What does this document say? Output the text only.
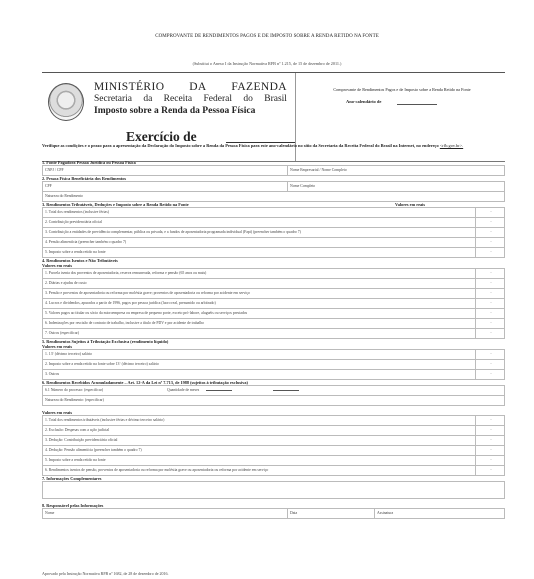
COMPROVANTE DE RENDIMENTOS PAGOS E DE IMPOSTO SOBRE A RENDA RETIDO NA FONTE
(Substitui o Anexo I da Instrução Normativa RFB nº 1.215, de 15 de dezembro de 2011.)
MINISTÉRIO DA FAZENDA
Secretaria da Receita Federal do Brasil
Imposto sobre a Renda da Pessoa Física
Exercício de
Comprovante de Rendimentos Pagos e de Imposto sobre a Renda Retido na Fonte
Ano-calendário de
Verifique as condições e o prazo para a apresentação da Declaração do Imposto sobre a Renda da Pessoa Física para este ano-calendário no sítio da Secretaria da Receita Federal do Brasil na Internet, no endereço <rfb.gov.br>.
1. Fonte Pagadora Pessoa Jurídica ou Pessoa Física
CNPJ / CPF	Nome Empresarial / Nome Completo
2. Pessoa Física Beneficiária dos Rendimentos
CPF	Nome Completo
Natureza do Rendimento
3. Rendimentos Tributáveis, Deduções e Imposto sobre a Renda Retido na Fonte	Valores em reais
1. Total dos rendimentos (inclusive férias)	-
2. Contribuição previdenciária oficial	-
3. Contribuição a entidades de previdência complementar, pública ou privada, e a fundos de aposentadoria programada individual (Fapi) (preencher também o quadro 7)	-
4. Pensão alimentícia (preencher também o quadro 7)	-
5. Imposto sobre a renda retido na fonte	-
4. Rendimentos Isentos e Não Tributáveis
Valores em reais
1. Parcela isenta dos proventos de aposentadoria, reserva remunerada, reforma e pensão (65 anos ou mais)	-
2. Diárias e ajudas de custo	-
3. Pensão e proventos de aposentadoria ou reforma por moléstia grave; proventos de aposentadoria ou reforma por acidente em serviço	-
4. Lucros e dividendos, apurados a partir de 1996, pagos por pessoa jurídica (lucro real, presumido ou arbitrado)	-
5. Valores pagos ao titular ou sócio da microempresa ou empresa de pequeno porte, exceto pró-labore, aluguéis ou serviços prestados	-
6. Indenizações por rescisão de contrato de trabalho, inclusive a título de PDV e por acidente de trabalho	-
7. Outros (especificar)	-
5. Rendimentos Sujeitos à Tributação Exclusiva (rendimento líquido)
Valores em reais
1. 13º (décimo terceiro) salário	-
2. Imposto sobre a renda retido na fonte sobre 13º (décimo terceiro) salário	-
3. Outros	-
6. Rendimentos Recebidos Acumuladamente – Art. 12-A da Lei nº 7.713, de 1988 (sujeitos à tributação exclusiva)
6.1 Número do processo: (especificar)	Quantidade de meses
Natureza do Rendimento: (especificar)
Valores em reais
1. Total dos rendimentos tributáveis (inclusive férias e décimo terceiro salário)	-
2. Exclusão: Despesas com a ação judicial	-
3. Dedução: Contribuição previdenciária oficial	-
4. Dedução: Pensão alimentícia (preencher também o quadro 7)	-
5. Imposto sobre a renda retido na fonte	-
6. Rendimentos isentos de pensão, proventos de aposentadoria ou reforma por moléstia grave ou aposentadoria ou reforma por acidente em serviço	-
7. Informações Complementares
8. Responsável pelas Informações
Nome	Data	Assinatura
Aprovado pela Instrução Normativa RFB nº 1682, de 28 de dezembro de 2016.
